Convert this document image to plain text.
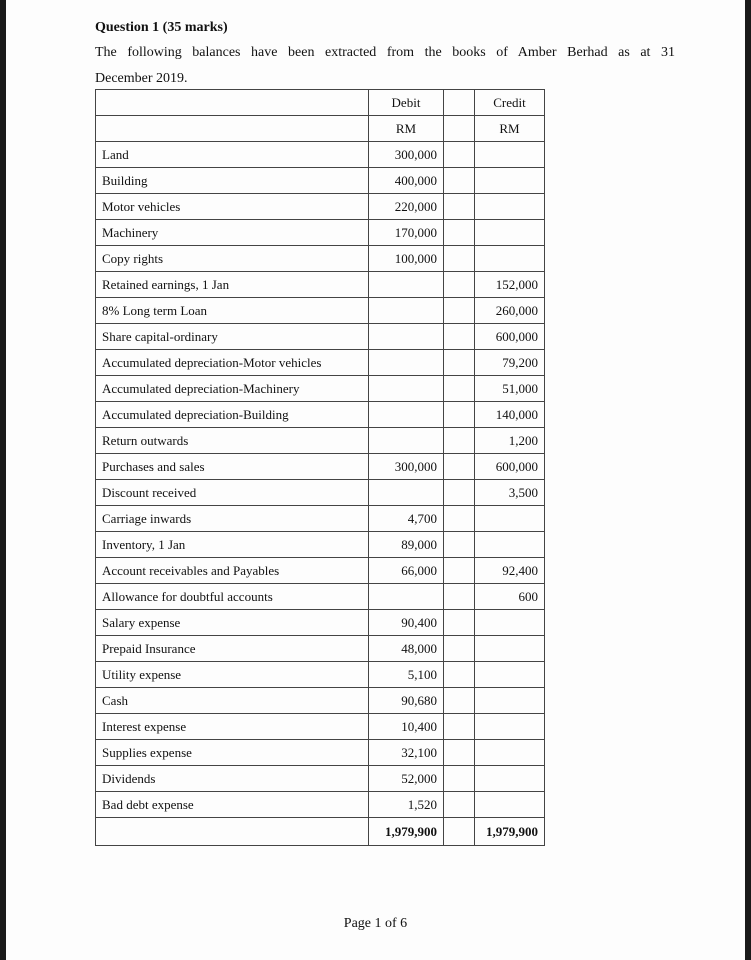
Question 1 (35 marks)
The following balances have been extracted from the books of Amber Berhad as at 31
December 2019.
	Debit		Credit
	RM		RM
Land	300,000		
Building	400,000		
Motor vehicles	220,000		
Machinery	170,000		
Copy rights	100,000		
Retained earnings, 1 Jan			152,000
8% Long term Loan			260,000
Share capital-ordinary			600,000
Accumulated depreciation-Motor vehicles			79,200
Accumulated depreciation-Machinery			51,000
Accumulated depreciation-Building			140,000
Return outwards			1,200
Purchases and sales	300,000		600,000
Discount received			3,500
Carriage inwards	4,700		
Inventory, 1 Jan	89,000		
Account receivables and Payables	66,000		92,400
Allowance for doubtful accounts			600
Salary expense	90,400		
Prepaid Insurance	48,000		
Utility expense	5,100		
Cash	90,680		
Interest expense	10,400		
Supplies expense	32,100		
Dividends	52,000		
Bad debt expense	1,520		
	1,979,900		1,979,900
Page 1 of 6
